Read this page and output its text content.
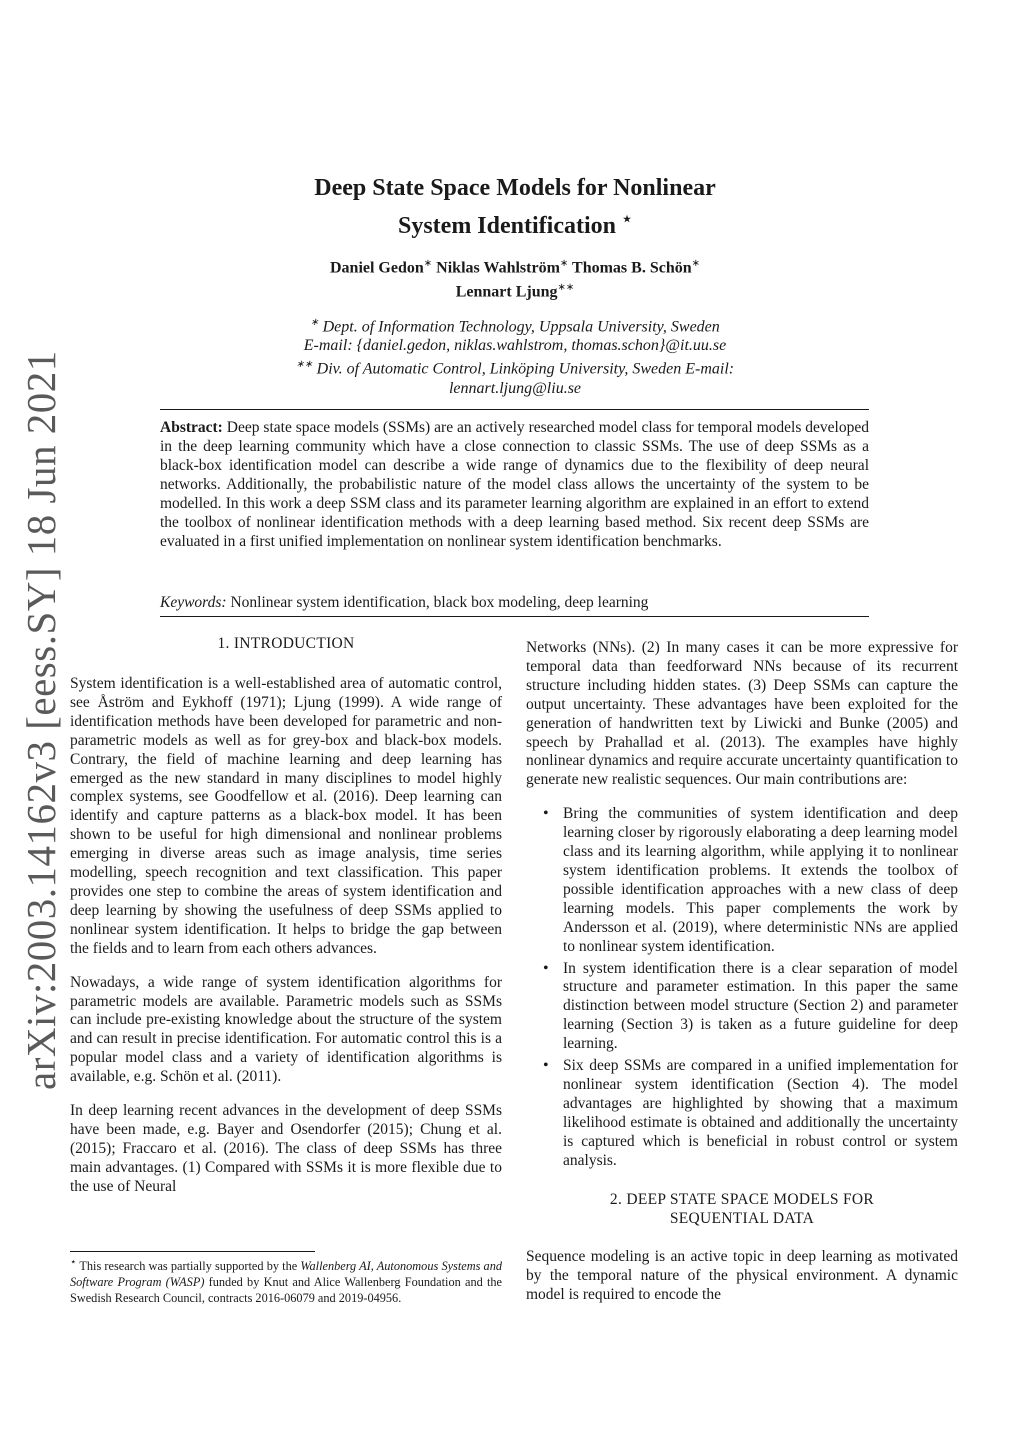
arXiv:2003.14162v3 [eess.SY] 18 Jun 2021
Deep State Space Models for Nonlinear
System Identification ⋆
Daniel Gedon∗ Niklas Wahlström∗ Thomas B. Schön∗
Lennart Ljung∗∗
∗ Dept. of Information Technology, Uppsala University, Sweden
E-mail: {daniel.gedon, niklas.wahlstrom, thomas.schon}@it.uu.se
∗∗ Div. of Automatic Control, Linköping University, Sweden E-mail:
lennart.ljung@liu.se
Abstract: Deep state space models (SSMs) are an actively researched model class for temporal models developed in the deep learning community which have a close connection to classic SSMs. The use of deep SSMs as a black-box identification model can describe a wide range of dynamics due to the flexibility of deep neural networks. Additionally, the probabilistic nature of the model class allows the uncertainty of the system to be modelled. In this work a deep SSM class and its parameter learning algorithm are explained in an effort to extend the toolbox of nonlinear identification methods with a deep learning based method. Six recent deep SSMs are evaluated in a first unified implementation on nonlinear system identification benchmarks.
Keywords: Nonlinear system identification, black box modeling, deep learning
1. INTRODUCTION

System identification is a well-established area of automatic control, see Åström and Eykhoff (1971); Ljung (1999). A wide range of identification methods have been developed for parametric and non-parametric models as well as for grey-box and black-box models. Contrary, the field of machine learning and deep learning has emerged as the new standard in many disciplines to model highly complex systems, see Goodfellow et al. (2016). Deep learning can identify and capture patterns as a black-box model. It has been shown to be useful for high dimensional and nonlinear problems emerging in diverse areas such as image analysis, time series modelling, speech recognition and text classification. This paper provides one step to combine the areas of system identification and deep learning by showing the usefulness of deep SSMs applied to nonlinear system identification. It helps to bridge the gap between the fields and to learn from each others advances.

Nowadays, a wide range of system identification algorithms for parametric models are available. Parametric models such as SSMs can include pre-existing knowledge about the structure of the system and can result in precise identification. For automatic control this is a popular model class and a variety of identification algorithms is available, e.g. Schön et al. (2011).

In deep learning recent advances in the development of deep SSMs have been made, e.g. Bayer and Osendorfer (2015); Chung et al. (2015); Fraccaro et al. (2016). The class of deep SSMs has three main advantages. (1) Compared with SSMs it is more flexible due to the use of Neural

Networks (NNs). (2) In many cases it can be more expressive for temporal data than feedforward NNs because of its recurrent structure including hidden states. (3) Deep SSMs can capture the output uncertainty. These advantages have been exploited for the generation of handwritten text by Liwicki and Bunke (2005) and speech by Prahallad et al. (2013). The examples have highly nonlinear dynamics and require accurate uncertainty quantification to generate new realistic sequences. Our main contributions are:

• Bring the communities of system identification and deep learning closer by rigorously elaborating a deep learning model class and its learning algorithm, while applying it to nonlinear system identification problems. It extends the toolbox of possible identification approaches with a new class of deep learning models. This paper complements the work by Andersson et al. (2019), where deterministic NNs are applied to nonlinear system identification.
• In system identification there is a clear separation of model structure and parameter estimation. In this paper the same distinction between model structure (Section 2) and parameter learning (Section 3) is taken as a future guideline for deep learning.
• Six deep SSMs are compared in a unified implementation for nonlinear system identification (Section 4). The model advantages are highlighted by showing that a maximum likelihood estimate is obtained and additionally the uncertainty is captured which is beneficial in robust control or system analysis.
2. DEEP STATE SPACE MODELS FOR
SEQUENTIAL DATA

Sequence modeling is an active topic in deep learning as motivated by the temporal nature of the physical environment. A dynamic model is required to encode the

⋆ This research was partially supported by the Wallenberg AI, Autonomous Systems and Software Program (WASP) funded by Knut and Alice Wallenberg Foundation and the Swedish Research Council, contracts 2016-06079 and 2019-04956.
